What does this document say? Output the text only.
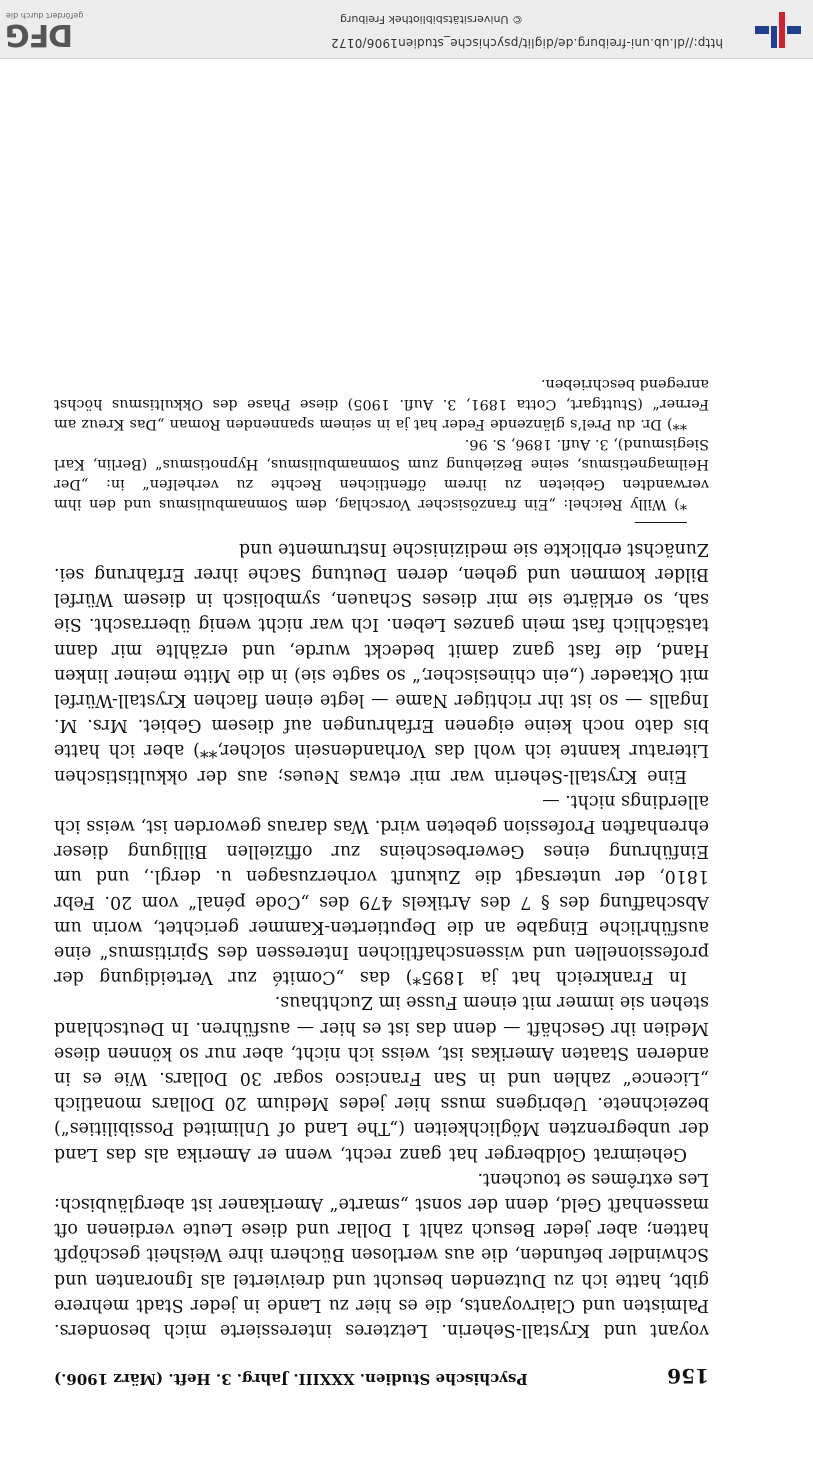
http://dl.ub.uni-freiburg.de/diglit/psychische_studien1906/0172
© Universitätsbibliothek Freiburg
DFG
gefördert durch die
156
Psychische Studien. XXXIII. Jahrg. 3. Heft. (März 1906.)

voyant und Krystall-Seherin. Letzteres interessierte mich besonders. Palmisten und Clairvoyants, die es hier zu Lande in jeder Stadt mehrere gibt, hatte ich zu Dutzenden besucht und dreiviertel als Ignoranten und Schwindler befunden, die aus wertlosen Büchern ihre Weisheit geschöpft hatten; aber jeder Besuch zahlt 1 Dollar und diese Leute verdienen oft massenhaft Geld, denn der sonst „smarte“ Amerikaner ist abergläubisch: Les extrêmes se touchent.

Geheimrat Goldberger hat ganz recht, wenn er Amerika als das Land der unbegrenzten Möglichkeiten („The Land of Unlimited Possibilities“) bezeichnete. Uebrigens muss hier jedes Medium 20 Dollars monatlich „Licence“ zahlen und in San Francisco sogar 30 Dollars. Wie es in anderen Staaten Amerikas ist, weiss ich nicht, aber nur so können diese Medien ihr Geschäft — denn das ist es hier — ausführen. In Deutschland stehen sie immer mit einem Fusse im Zuchthaus.

In Frankreich hat ja 1895*) das „Comité zur Verteidigung der professionellen und wissenschaftlichen Interessen des Spiritismus“ eine ausführliche Eingabe an die Deputierten-Kammer gerichtet, worin um Abschaffung des § 7 des Artikels 479 des „Code pénal“ vom 20. Febr 1810, der untersagt die Zukunft vorherzusagen u. dergl., und um Einführung eines Gewerbescheins zur offiziellen Billigung dieser ehrenhaften Profession gebeten wird. Was daraus geworden ist, weiss ich allerdings nicht. —

Eine Krystall-Seherin war mir etwas Neues; aus der okkultistischen Literatur kannte ich wohl das Vorhandensein solcher,**) aber ich hatte bis dato noch keine eigenen Erfahrungen auf diesem Gebiet. Mrs. M. Ingalls — so ist ihr richtiger Name — legte einen flachen Krystall-Würfel mit Oktaeder („ein chinesischer,“ so sagte sie) in die Mitte meiner linken Hand, die fast ganz damit bedeckt wurde, und erzählte mir dann tatsächlich fast mein ganzes Leben. Ich war nicht wenig überrascht. Sie sah, so erklärte sie mir dieses Schauen, symbolisch in diesem Würfel Bilder kommen und gehen, deren Deutung Sache ihrer Erfahrung sei. Zunächst erblickte sie medizinische Instrumente und

*) Willy Reichel: „Ein französischer Vorschlag, dem Somnambulismus und den ihm verwandten Gebieten zu ihrem öffentlichen Rechte zu verhelfen“ in: „Der Heilmagnetismus, seine Beziehung zum Somnambulismus, Hypnotismus“ (Berlin, Karl Siegismund), 3. Aufl. 1896, S. 96.

**) Dr. du Prel’s glänzende Feder hat ja in seinem spannenden Roman „Das Kreuz am Ferner“ (Stuttgart, Cotta 1891, 3. Aufl. 1905) diese Phase des Okkultismus höchst anregend beschrieben.
